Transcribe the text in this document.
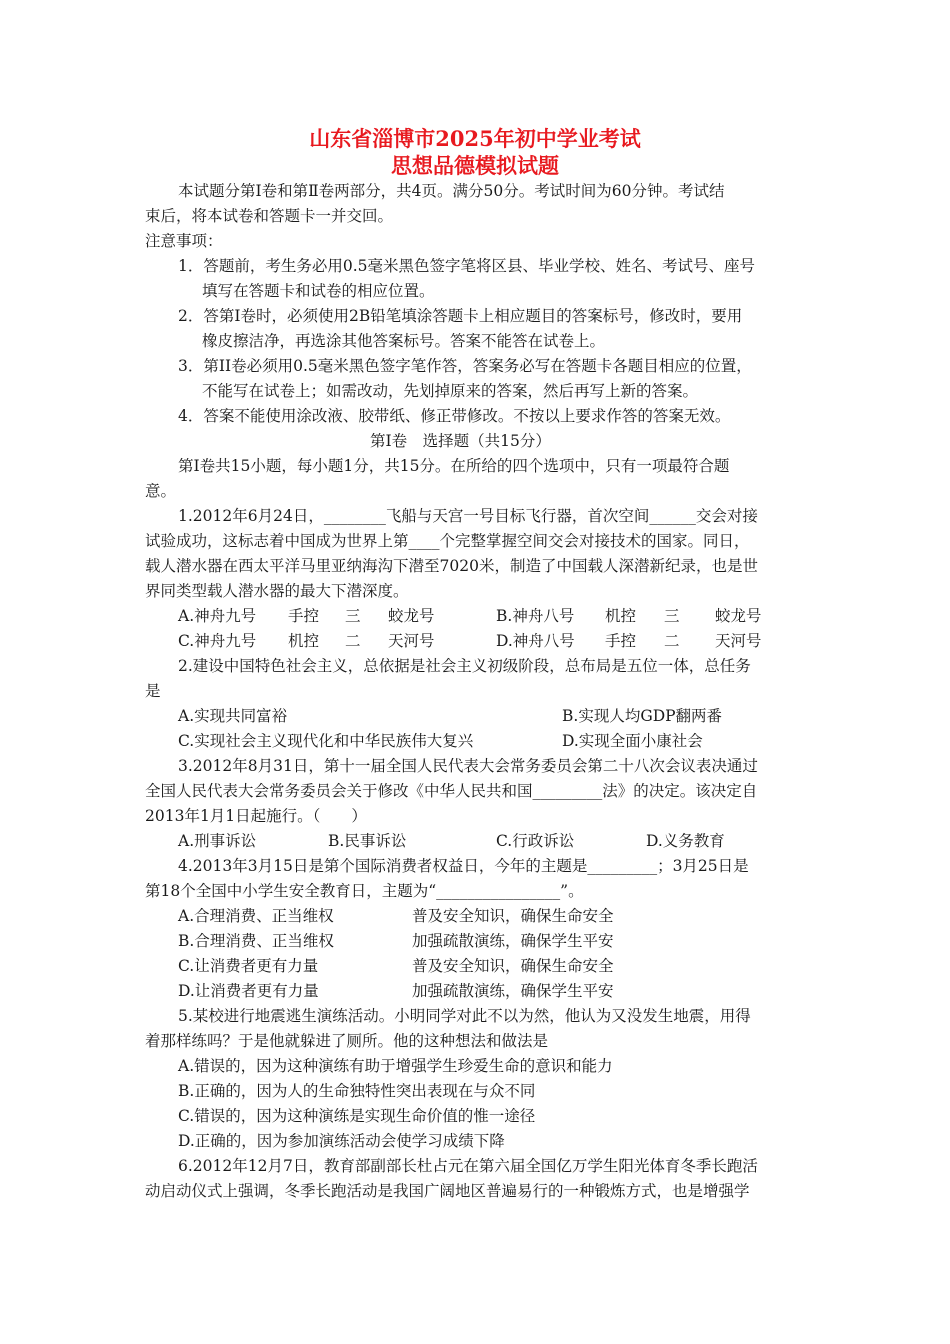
山东省淄博市2025年初中学业考试
思想品德模拟试题
本试题分第Ⅰ卷和第Ⅱ卷两部分，共4页。满分50分。考试时间为60分钟。考试结
束后，将本试卷和答题卡一并交回。
注意事项：
1．答题前，考生务必用0.5毫米黑色签字笔将区县、毕业学校、姓名、考试号、座号
填写在答题卡和试卷的相应位置。
2．答第Ⅰ卷时，必须使用2B铅笔填涂答题卡上相应题目的答案标号，修改时，要用
橡皮擦洁净，再选涂其他答案标号。答案不能答在试卷上。
3．第II卷必须用0.5毫米黑色签字笔作答，答案务必写在答题卡各题目相应的位置，
不能写在试卷上；如需改动，先划掉原来的答案，然后再写上新的答案。
4．答案不能使用涂改液、胶带纸、修正带修改。不按以上要求作答的答案无效。
第Ⅰ卷　选择题（共15分）
第Ⅰ卷共15小题，每小题1分，共15分。在所给的四个选项中，只有一项最符合题
意。
1.2012年6月24日，________飞船与天宫一号目标飞行器，首次空间______交会对接
试验成功，这标志着中国成为世界上第____个完整掌握空间交会对接技术的国家。同日，
载人潜水器在西太平洋马里亚纳海沟下潜至7020米，制造了中国载人深潜新纪录，也是世
界同类型载人潜水器的最大下潜深度。
A.神舟九号 手控 三 蛟龙号	B.神舟八号 机控 三 蛟龙号
C.神舟九号 机控 二 天河号	D.神舟八号 手控 二 天河号
2.建设中国特色社会主义，总依据是社会主义初级阶段，总布局是五位一体，总任务
是
A.实现共同富裕	B.实现人均GDP翻两番
C.实现社会主义现代化和中华民族伟大复兴	D.实现全面小康社会
3.2012年8月31日，第十一届全国人民代表大会常务委员会第二十八次会议表决通过
全国人民代表大会常务委员会关于修改《中华人民共和国_________法》的决定。该决定自
2013年1月1日起施行。（　　）
A.刑事诉讼	B.民事诉讼	C.行政诉讼	D.义务教育
4.2013年3月15日是第个国际消费者权益日，今年的主题是_________；3月25日是
第18个全国中小学生安全教育日，主题为“________________”。
A.合理消费、正当维权	普及安全知识，确保生命安全
B.合理消费、正当维权	加强疏散演练，确保学生平安
C.让消费者更有力量	普及安全知识，确保生命安全
D.让消费者更有力量	加强疏散演练，确保学生平安
5.某校进行地震逃生演练活动。小明同学对此不以为然，他认为又没发生地震，用得
着那样练吗？于是他就躲进了厕所。他的这种想法和做法是
A.错误的，因为这种演练有助于增强学生珍爱生命的意识和能力
B.正确的，因为人的生命独特性突出表现在与众不同
C.错误的，因为这种演练是实现生命价值的惟一途径
D.正确的，因为参加演练活动会使学习成绩下降
6.2012年12月7日，教育部副部长杜占元在第六届全国亿万学生阳光体育冬季长跑活
动启动仪式上强调，冬季长跑活动是我国广阔地区普遍易行的一种锻炼方式，也是增强学
